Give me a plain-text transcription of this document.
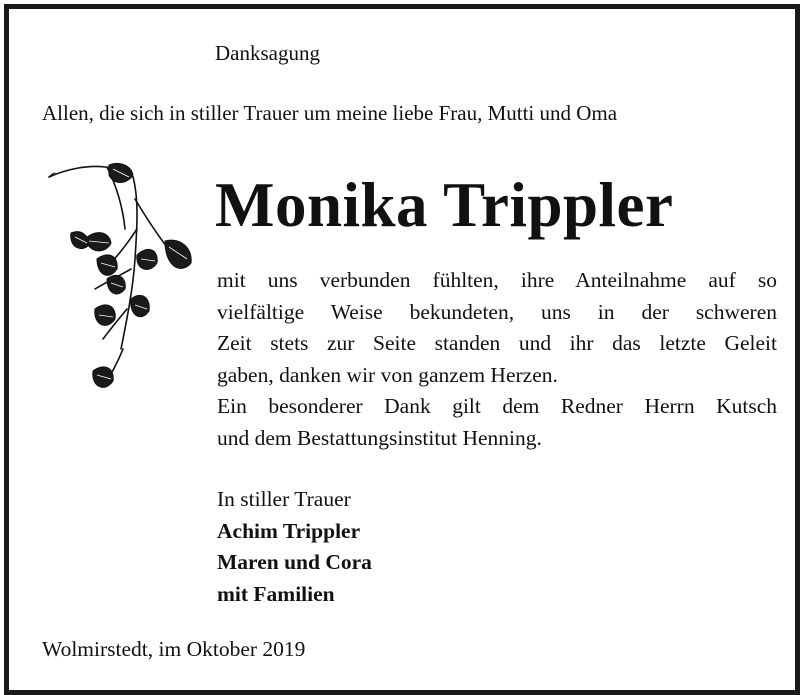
Danksagung
Allen, die sich in stiller Trauer um meine liebe Frau, Mutti und Oma
Monika Trippler
mit uns verbunden fühlten, ihre Anteilnahme auf so
vielfältige Weise bekundeten, uns in der schweren
Zeit stets zur Seite standen und ihr das letzte Geleit
gaben, danken wir von ganzem Herzen.
Ein besonderer Dank gilt dem Redner Herrn Kutsch
und dem Bestattungsinstitut Henning.
In stiller Trauer
Achim Trippler
Maren und Cora
mit Familien
Wolmirstedt, im Oktober 2019
